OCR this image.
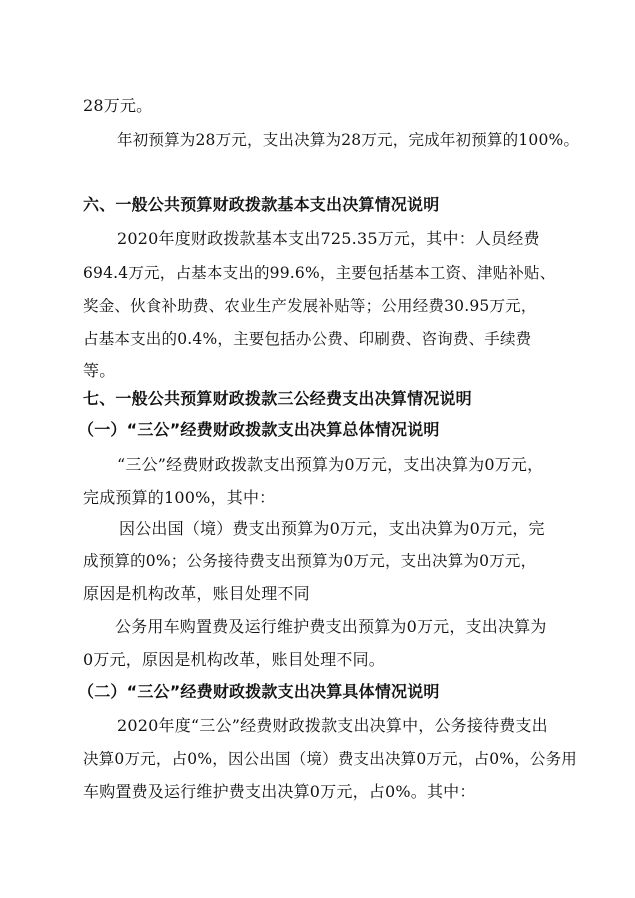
28万元。
年初预算为28万元，支出决算为28万元，完成年初预算的100%。
六、一般公共预算财政拨款基本支出决算情况说明
2020年度财政拨款基本支出725.35万元，其中：人员经费
694.4万元，占基本支出的99.6%，主要包括基本工资、津贴补贴、
奖金、伙食补助费、农业生产发展补贴等；公用经费30.95万元，
占基本支出的0.4%，主要包括办公费、印刷费、咨询费、手续费
等。
七、一般公共预算财政拨款三公经费支出决算情况说明
（一）“三公”经费财政拨款支出决算总体情况说明
“三公”经费财政拨款支出预算为0万元，支出决算为0万元，
完成预算的100%，其中：
因公出国（境）费支出预算为0万元，支出决算为0万元，完
成预算的0%；公务接待费支出预算为0万元，支出决算为0万元，
原因是机构改革，账目处理不同
公务用车购置费及运行维护费支出预算为0万元，支出决算为
0万元，原因是机构改革，账目处理不同。
（二）“三公”经费财政拨款支出决算具体情况说明
2020年度“三公”经费财政拨款支出决算中，公务接待费支出
决算0万元，占0%，因公出国（境）费支出决算0万元，占0%，公务用
车购置费及运行维护费支出决算0万元，占0%。其中：
